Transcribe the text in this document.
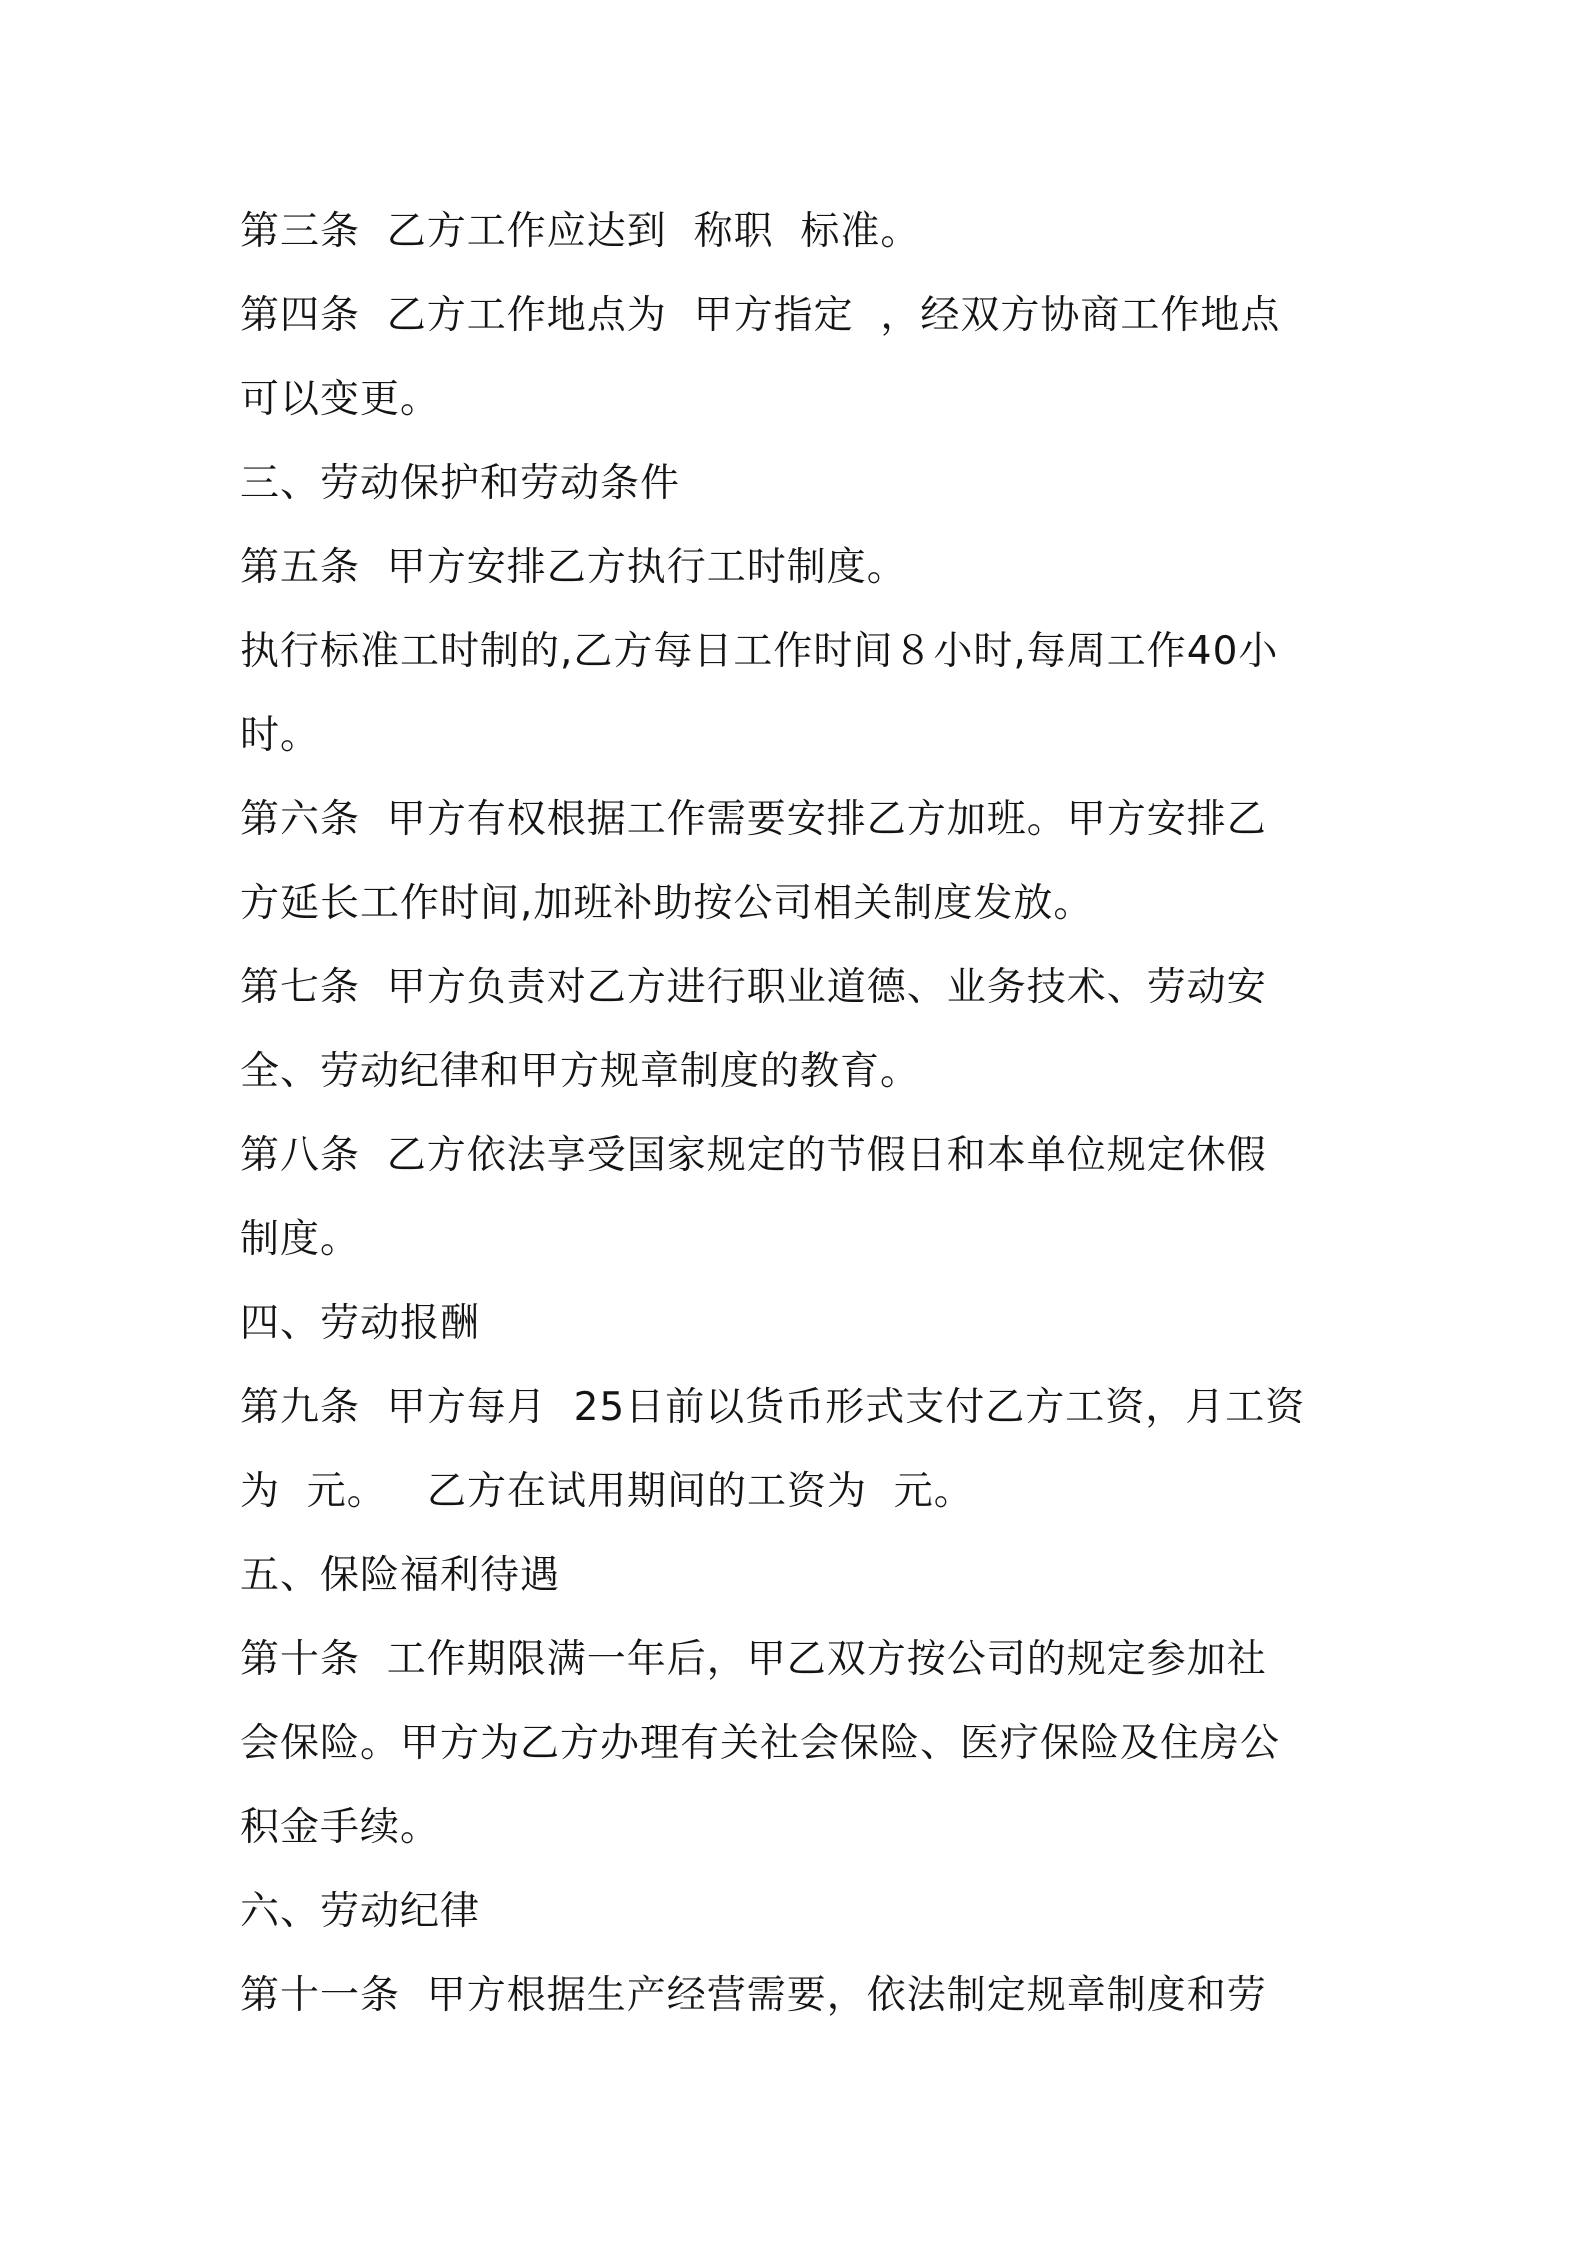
第三条  乙方工作应达到  称职  标准。
第四条  乙方工作地点为  甲方指定  ，经双方协商工作地点
可以变更。
三、劳动保护和劳动条件
第五条  甲方安排乙方执行工时制度。
执行标准工时制的,乙方每日工作时间８小时,每周工作40小
时。
第六条  甲方有权根据工作需要安排乙方加班。甲方安排乙
方延长工作时间,加班补助按公司相关制度发放。
第七条  甲方负责对乙方进行职业道德、业务技术、劳动安
全、劳动纪律和甲方规章制度的教育。
第八条  乙方依法享受国家规定的节假日和本单位规定休假
制度。
四、劳动报酬
第九条  甲方每月  25日前以货币形式支付乙方工资，月工资
为  元。   乙方在试用期间的工资为  元。
五、保险福利待遇
第十条  工作期限满一年后，甲乙双方按公司的规定参加社
会保险。甲方为乙方办理有关社会保险、医疗保险及住房公
积金手续。
六、劳动纪律
第十一条  甲方根据生产经营需要，依法制定规章制度和劳
